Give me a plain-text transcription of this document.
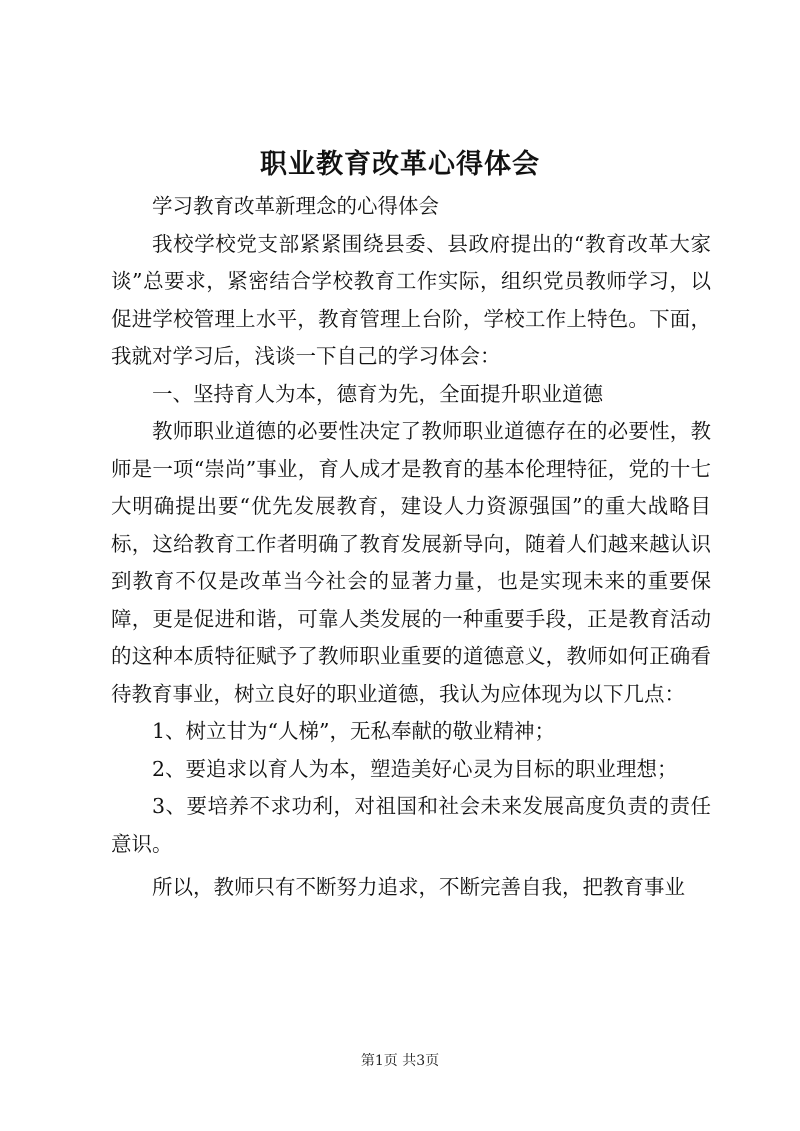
职业教育改革心得体会

学习教育改革新理念的心得体会

我校学校党支部紧紧围绕县委、县政府提出的“教育改革大家谈”总要求，紧密结合学校教育工作实际，组织党员教师学习，以促进学校管理上水平，教育管理上台阶，学校工作上特色。下面，我就对学习后，浅谈一下自己的学习体会：

一、坚持育人为本，德育为先，全面提升职业道德

教师职业道德的必要性决定了教师职业道德存在的必要性，教师是一项“崇尚”事业，育人成才是教育的基本伦理特征，党的十七大明确提出要“优先发展教育，建设人力资源强国”的重大战略目标，这给教育工作者明确了教育发展新导向，随着人们越来越认识到教育不仅是改革当今社会的显著力量，也是实现未来的重要保障，更是促进和谐，可靠人类发展的一种重要手段，正是教育活动的这种本质特征赋予了教师职业重要的道德意义，教师如何正确看待教育事业，树立良好的职业道德，我认为应体现为以下几点：

1、树立甘为“人梯”，无私奉献的敬业精神；

2、要追求以育人为本，塑造美好心灵为目标的职业理想；

3、要培养不求功利，对祖国和社会未来发展高度负责的责任意识。

所以，教师只有不断努力追求，不断完善自我，把教育事业

第1页 共3页
